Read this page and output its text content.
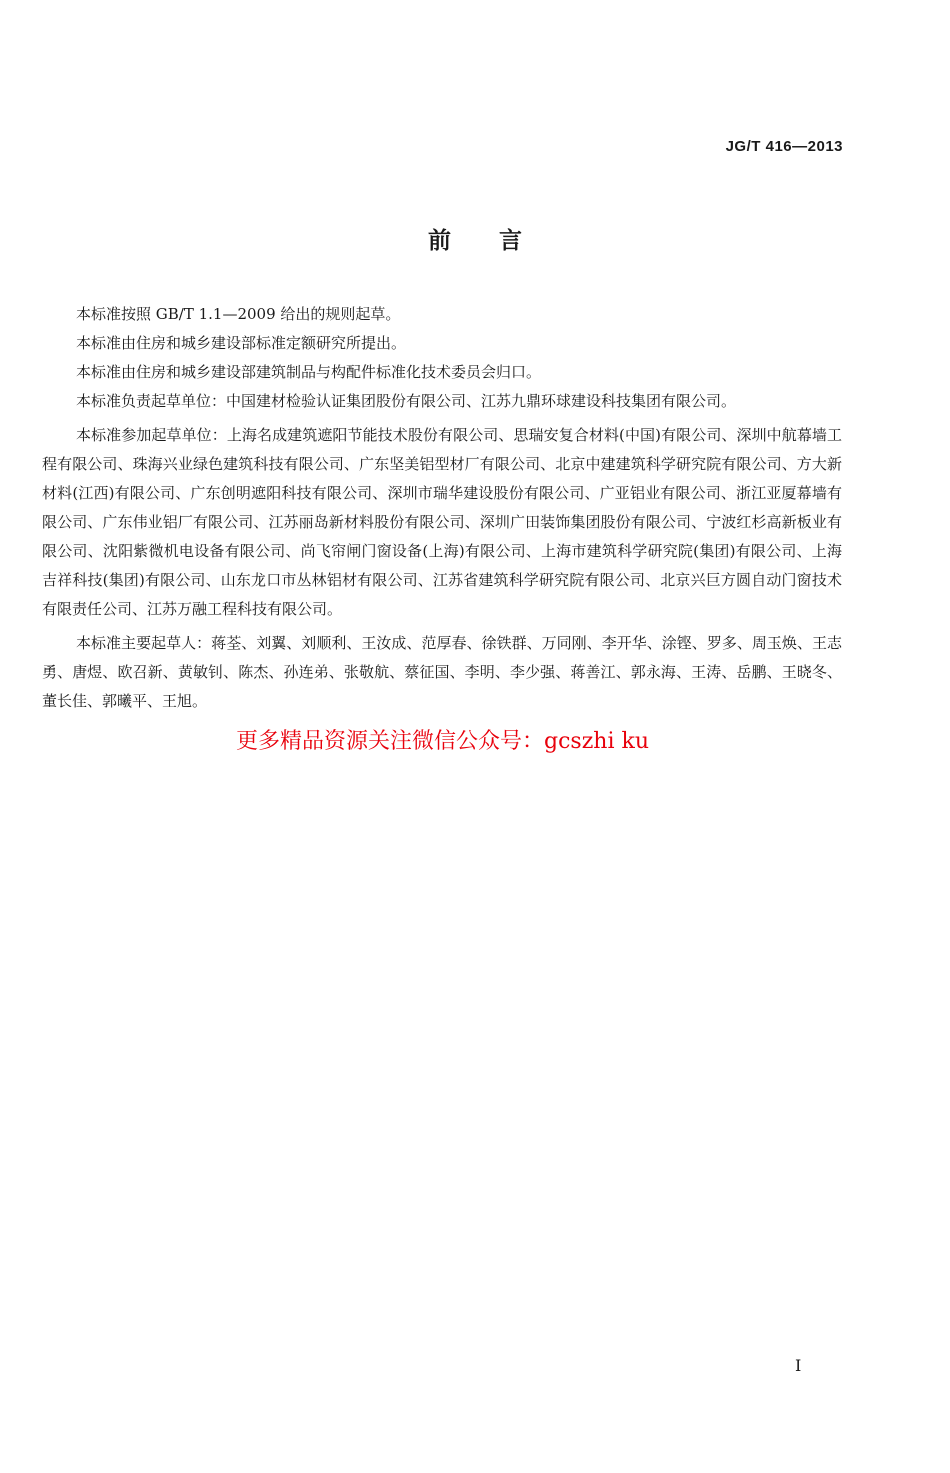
JG/T 416—2013
前言

本标准按照 GB/T 1.1—2009 给出的规则起草。

本标准由住房和城乡建设部标准定额研究所提出。

本标准由住房和城乡建设部建筑制品与构配件标准化技术委员会归口。

本标准负责起草单位：中国建材检验认证集团股份有限公司、江苏九鼎环球建设科技集团有限公司。

本标准参加起草单位：上海名成建筑遮阳节能技术股份有限公司、思瑞安复合材料(中国)有限公司、深圳中航幕墙工程有限公司、珠海兴业绿色建筑科技有限公司、广东坚美铝型材厂有限公司、北京中建建筑科学研究院有限公司、方大新材料(江西)有限公司、广东创明遮阳科技有限公司、深圳市瑞华建设股份有限公司、广亚铝业有限公司、浙江亚厦幕墙有限公司、广东伟业铝厂有限公司、江苏丽岛新材料股份有限公司、深圳广田装饰集团股份有限公司、宁波红杉高新板业有限公司、沈阳紫微机电设备有限公司、尚飞帘闸门窗设备(上海)有限公司、上海市建筑科学研究院(集团)有限公司、上海吉祥科技(集团)有限公司、山东龙口市丛林铝材有限公司、江苏省建筑科学研究院有限公司、北京兴巨方圆自动门窗技术有限责任公司、江苏万融工程科技有限公司。

本标准主要起草人：蒋荃、刘翼、刘顺利、王汝成、范厚春、徐铁群、万同刚、李开华、涂铿、罗多、周玉焕、王志勇、唐煜、欧召新、黄敏钊、陈杰、孙连弟、张敬航、蔡征国、李明、李少强、蒋善江、郭永海、王涛、岳鹏、王晓冬、董长佳、郭曦平、王旭。

更多精品资源关注微信公众号：gcszhi ku
I
